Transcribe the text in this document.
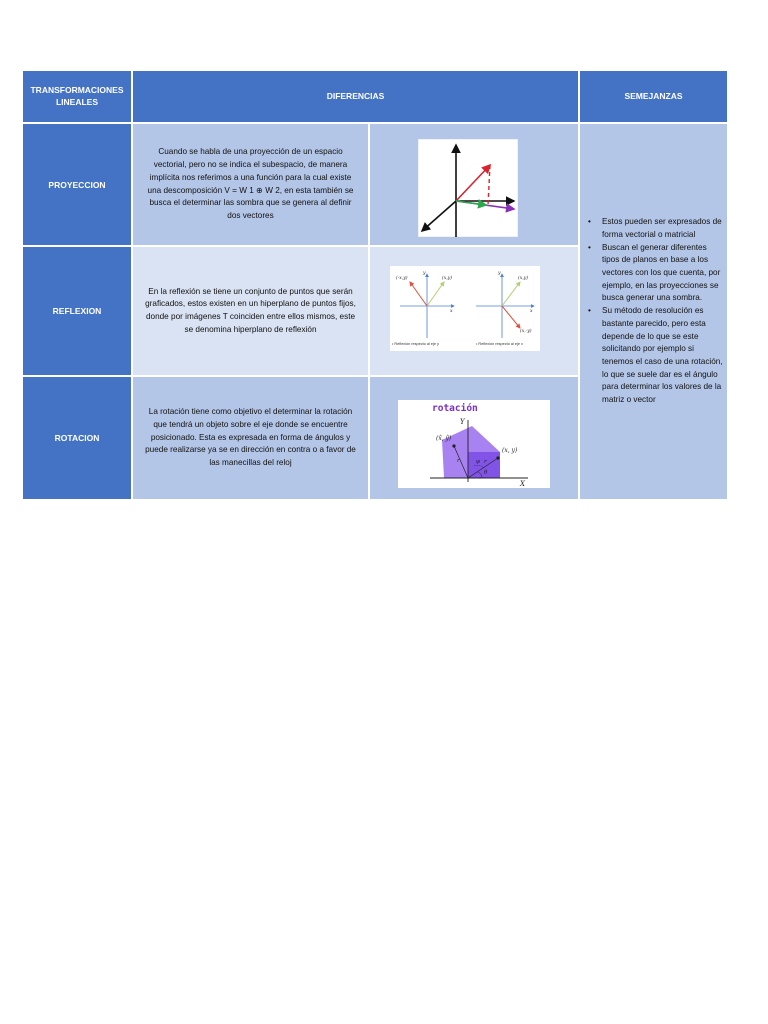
TRANSFORMACIONES LINEALES
DIFERENCIAS	SEMEJANZAS
PROYECCION
Cuando se habla de una proyección de un espacio vectorial, pero no se indica el subespacio, de manera implícita nos referimos a una función para la cual existe una descomposición V = W 1 ⊕ W 2, en esta también se busca el determinar las sombra que se genera al definir dos vectores
• Estos pueden ser expresados de forma vectorial o matricial
• Buscan el generar diferentes tipos de planos en base a los vectores con los que cuenta, por ejemplo, en las proyecciones se busca generar una sombra.
• Su método de resolución es bastante parecido, pero esta depende de lo que se este solicitando por ejemplo si tenemos el caso de una rotación, lo que se suele dar es el ángulo para determinar los valores de la matriz o vector
REFLEXION
En la reflexión se tiene un conjunto de puntos que serán graficados, estos existen en un hiperplano de puntos fijos, donde por imágenes T coinciden entre ellos mismos, este se denomina hiperplano de reflexión
ROTACION
La rotación tiene como objetivo el determinar la rotación que tendrá un objeto sobre el eje donde se encuentre posicionado. Esta es expresada en forma de ángulos y puede realizarse ya se en dirección en contra o a favor de las manecillas del reloj
(-x,y)	(x,y)
y
x
• Reflexión respecto al eje y
(x,y)
(x,-y)
y
x
• Reflexión respecto al eje x
rotación
Y
X
(x̂, ŷ)
(x, y)
r	r
φ
θ
